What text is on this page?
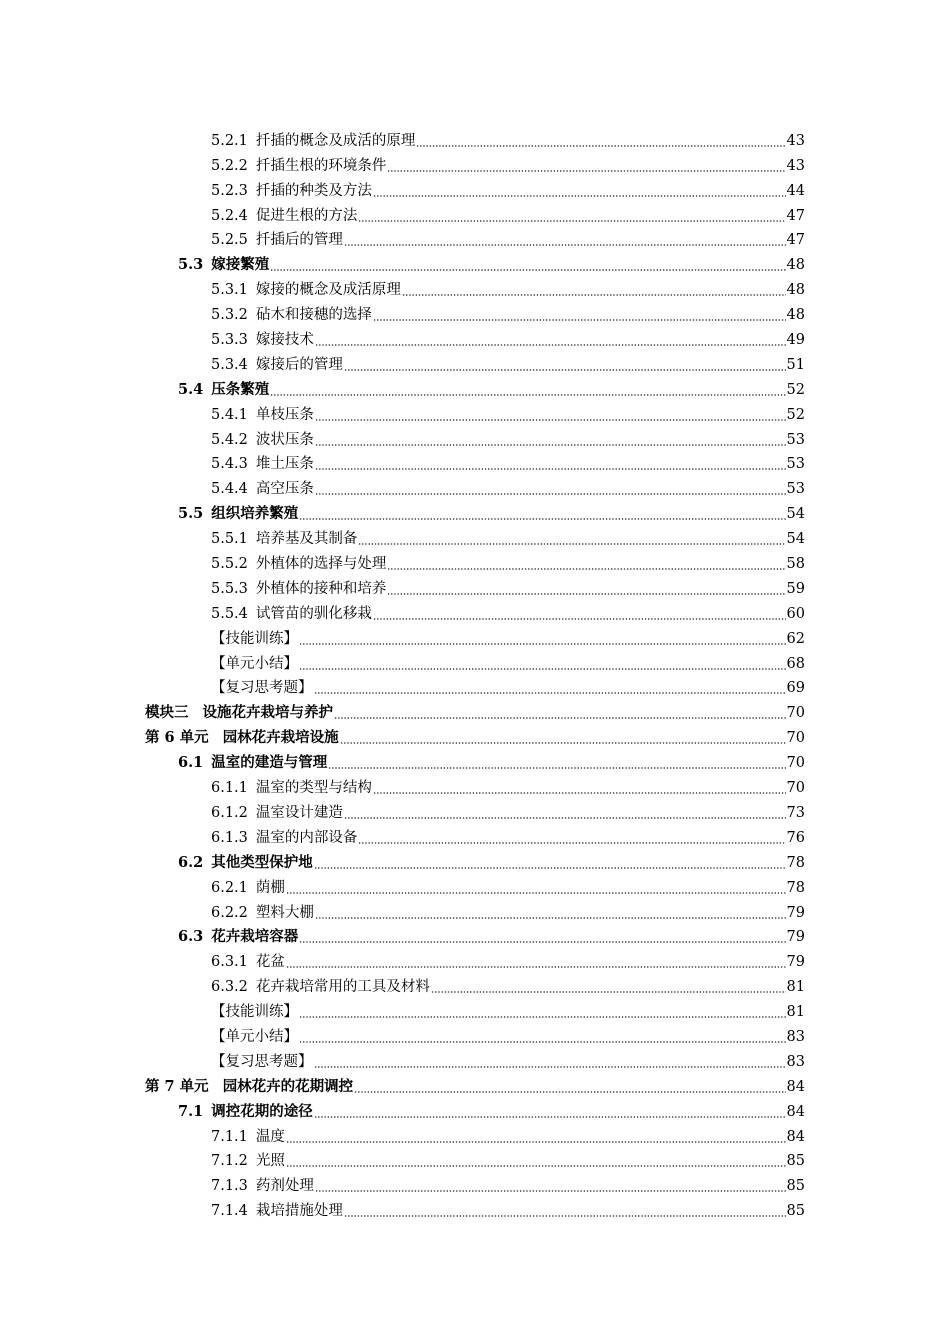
5.2.1 扦插的概念及成活的原理	43
5.2.2 扦插生根的环境条件	43
5.2.3 扦插的种类及方法	44
5.2.4 促进生根的方法	47
5.2.5 扦插后的管理	47
5.3 嫁接繁殖	48
5.3.1 嫁接的概念及成活原理	48
5.3.2 砧木和接穗的选择	48
5.3.3 嫁接技术	49
5.3.4 嫁接后的管理	51
5.4 压条繁殖	52
5.4.1 单枝压条	52
5.4.2 波状压条	53
5.4.3 堆土压条	53
5.4.4 高空压条	53
5.5 组织培养繁殖	54
5.5.1 培养基及其制备	54
5.5.2 外植体的选择与处理	58
5.5.3 外植体的接种和培养	59
5.5.4 试管苗的驯化移栽	60
【技能训练】	62
【单元小结】	68
【复习思考题】	69
模块三 设施花卉栽培与养护	70
第 6 单元 园林花卉栽培设施	70
6.1 温室的建造与管理	70
6.1.1 温室的类型与结构	70
6.1.2 温室设计建造	73
6.1.3 温室的内部设备	76
6.2 其他类型保护地	78
6.2.1 荫棚	78
6.2.2 塑料大棚	79
6.3 花卉栽培容器	79
6.3.1 花盆	79
6.3.2 花卉栽培常用的工具及材料	81
【技能训练】	81
【单元小结】	83
【复习思考题】	83
第 7 单元 园林花卉的花期调控	84
7.1 调控花期的途径	84
7.1.1 温度	84
7.1.2 光照	85
7.1.3 药剂处理	85
7.1.4 栽培措施处理	85
